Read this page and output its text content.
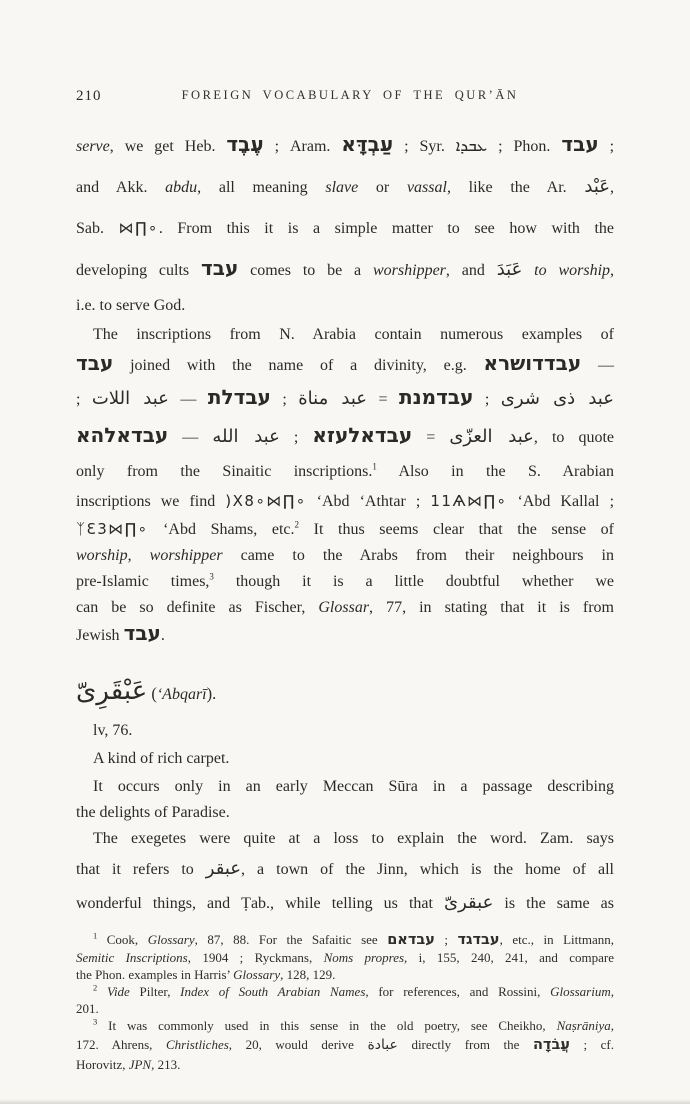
210	FOREIGN VOCABULARY OF THE QUR’ĀN
serve, we get Heb. עֶבֶד ; Aram. עַבְדָּא ; Syr. ܥܒܕܐ ; Phon. עבד ;
and Akk. abdu, all meaning slave or vassal, like the Ar. عَبْد,
Sab. ⋈∏∘. From this it is a simple matter to see how with the
developing cults עבד comes to be a worshipper, and عَبَدَ to worship,
i.e. to serve God.
The inscriptions from N. Arabia contain numerous examples of
עבד joined with the name of a divinity, e.g. עבדדושרא —
; عبد اللات — עבדלת ; عبد مناة = עבדמנת ; عبد ذى شرى
עבדאלהא — عبد الله ; עבדאלעזא = عبد العزّى, to quote
only from the Sinaitic inscriptions.$^1$ Also in the S. Arabian
inscriptions we find )X8∘⋈∏∘ ‘Abd ‘Athtar ; 11Ѧ⋈∏∘ ‘Abd Kallal ;
ᛉƐ3⋈∏∘ ‘Abd Shams, etc.$^2$ It thus seems clear that the sense of
worship, worshipper came to the Arabs from their neighbours in
pre-Islamic times,$^3$ though it is a little doubtful whether we
can be so definite as Fischer, Glossar, 77, in stating that it is from
Jewish עבד.
عَبْقَرِىّ (‘Abqarī).
lv, 76.
A kind of rich carpet.
It occurs only in an early Meccan Sūra in a passage describing
the delights of Paradise.
The exegetes were quite at a loss to explain the word. Zam. says
that it refers to عبقر, a town of the Jinn, which is the home of all
wonderful things, and Ṭab., while telling us that عبقرىّ is the same as
$^1$ Cook, Glossary, 87, 88. For the Safaitic see עבדאם ; עבדגד, etc., in Littmann,
Semitic Inscriptions, 1904 ; Ryckmans, Noms propres, i, 155, 240, 241, and compare
the Phon. examples in Harris’ Glossary, 128, 129.
$^2$ Vide Pilter, Index of South Arabian Names, for references, and Rossini, Glossarium,
201.
$^3$ It was commonly used in this sense in the old poetry, see Cheikho, Naṣrāniya,
172. Ahrens, Christliches, 20, would derive عبادة directly from the עֲבֹדָה ; cf.
Horovitz, JPN, 213.
